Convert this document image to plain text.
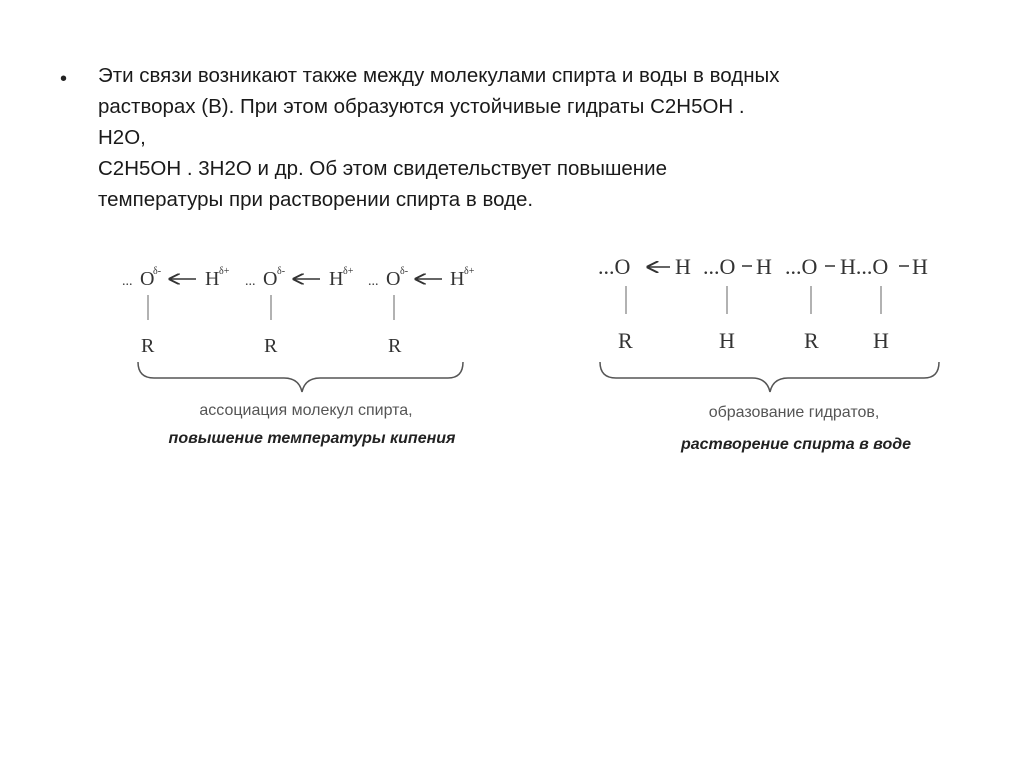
• Эти связи возникают также между молекулами спирта и воды в водных
растворах (В). При этом образуются устойчивые гидраты C2H5OH .
H2O,
C2H5OH . 3H2O и др. Об этом свидетельствует повышение
температуры при растворении спирта в воде.
... O
δ- H δ+
R
... O δ- H δ+
R
... O δ- H δ+
R
ассоциация молекул спирта,
повышение температуры кипения
...O H ...O H ...O H...O H
R	H	R H
образование гидратов,
растворение спирта в воде
